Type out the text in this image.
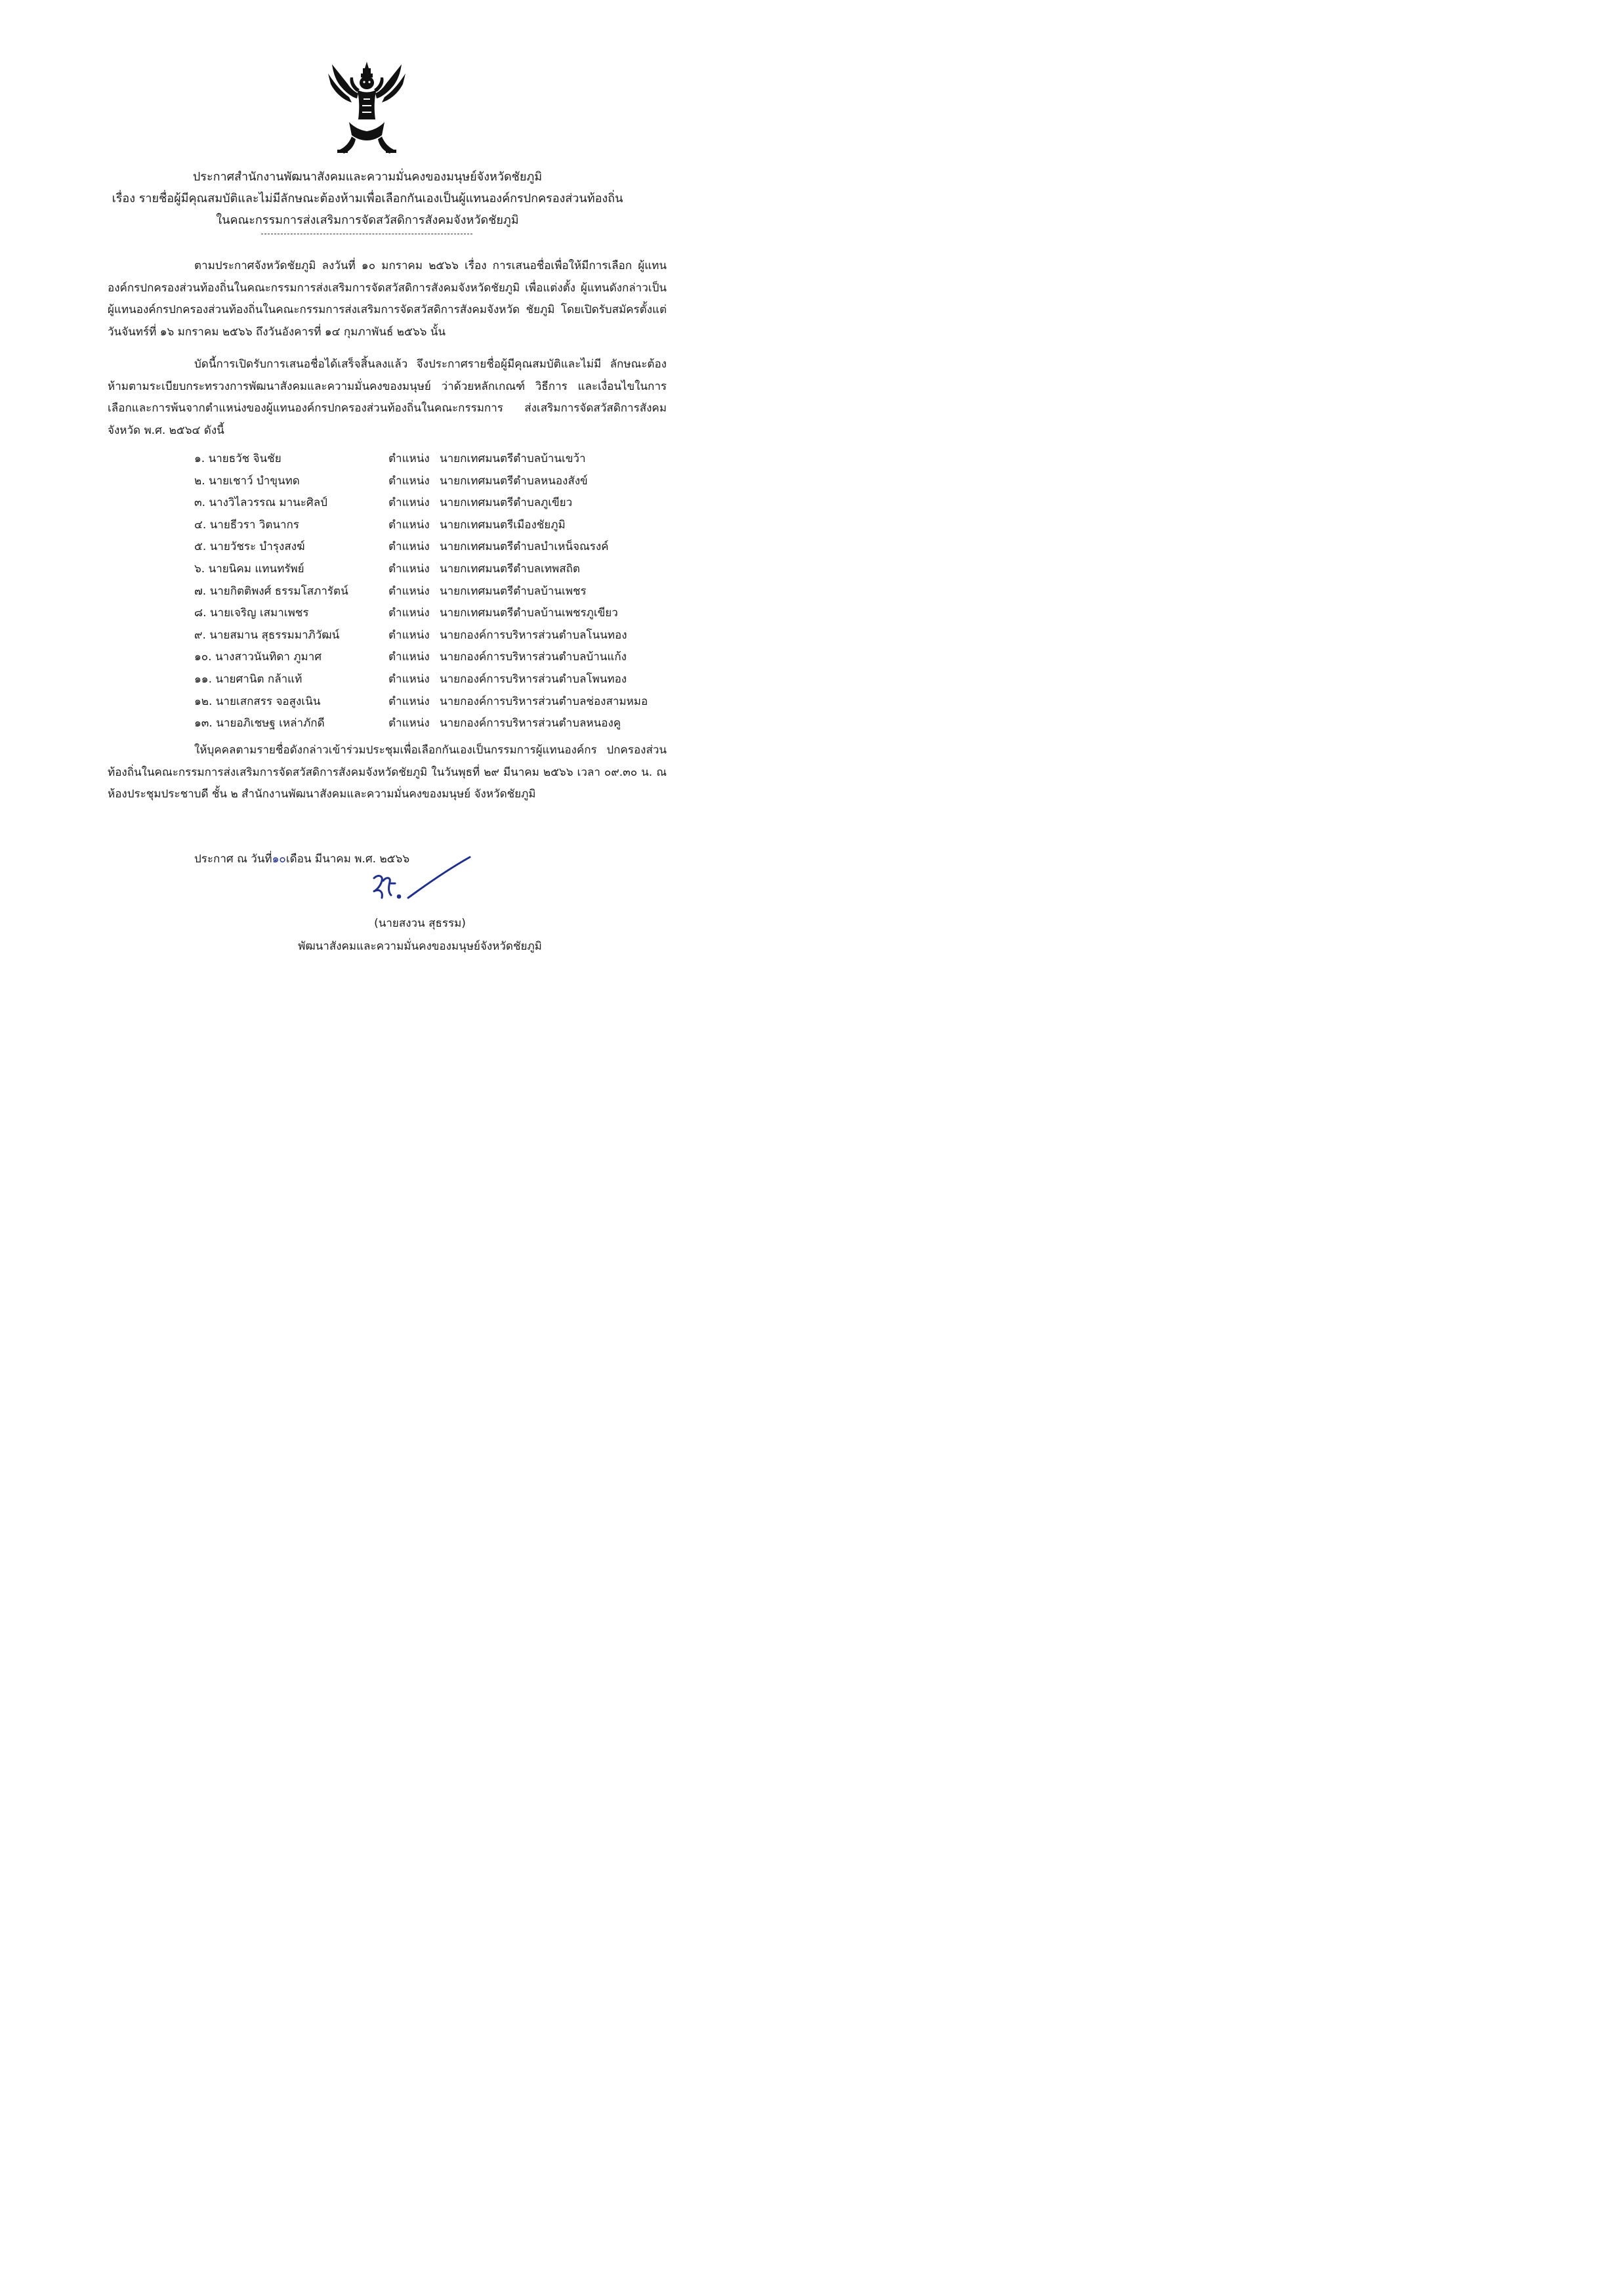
ประกาศสำนักงานพัฒนาสังคมและความมั่นคงของมนุษย์จังหวัดชัยภูมิ
เรื่อง รายชื่อผู้มีคุณสมบัติและไม่มีลักษณะต้องห้ามเพื่อเลือกกันเองเป็นผู้แทนองค์กรปกครองส่วนท้องถิ่น
ในคณะกรรมการส่งเสริมการจัดสวัสดิการสังคมจังหวัดชัยภูมิ

ตามประกาศจังหวัดชัยภูมิ ลงวันที่ ๑๐ มกราคม ๒๕๖๖ เรื่อง การเสนอชื่อเพื่อให้มีการเลือก ผู้แทนองค์กรปกครองส่วนท้องถิ่นในคณะกรรมการส่งเสริมการจัดสวัสดิการสังคมจังหวัดชัยภูมิ เพื่อแต่งตั้ง ผู้แทนดังกล่าวเป็นผู้แทนองค์กรปกครองส่วนท้องถิ่นในคณะกรรมการส่งเสริมการจัดสวัสดิการสังคมจังหวัด ชัยภูมิ โดยเปิดรับสมัครตั้งแต่ วันจันทร์ที่ ๑๖ มกราคม ๒๕๖๖ ถึงวันอังคารที่ ๑๔ กุมภาพันธ์ ๒๕๖๖ นั้น

บัดนี้การเปิดรับการเสนอชื่อได้เสร็จสิ้นลงแล้ว จึงประกาศรายชื่อผู้มีคุณสมบัติและไม่มี ลักษณะต้องห้ามตามระเบียบกระทรวงการพัฒนาสังคมและความมั่นคงของมนุษย์ ว่าด้วยหลักเกณฑ์ วิธีการ และเงื่อนไขในการเลือกและการพ้นจากตำแหน่งของผู้แทนองค์กรปกครองส่วนท้องถิ่นในคณะกรรมการ ส่งเสริมการจัดสวัสดิการสังคมจังหวัด พ.ศ. ๒๕๖๔ ดังนี้

๑. นายธวัช จินชัย	ตำแหน่ง นายกเทศมนตรีตำบลบ้านเขว้า
๒. นายเชาว์ บำขุนทด	ตำแหน่ง นายกเทศมนตรีตำบลหนองสังข์
๓. นางวิไลวรรณ มานะศิลป์	ตำแหน่ง นายกเทศมนตรีตำบลภูเขียว
๔. นายธีวรา วิตนากร	ตำแหน่ง นายกเทศมนตรีเมืองชัยภูมิ
๕. นายวัชระ บำรุงสงฆ์	ตำแหน่ง นายกเทศมนตรีตำบลบำเหน็จณรงค์
๖. นายนิคม แทนทรัพย์	ตำแหน่ง นายกเทศมนตรีตำบลเทพสถิต
๗. นายกิตติพงศ์ ธรรมโสภารัตน์	ตำแหน่ง นายกเทศมนตรีตำบลบ้านเพชร
๘. นายเจริญ เสมาเพชร	ตำแหน่ง นายกเทศมนตรีตำบลบ้านเพชรภูเขียว
๙. นายสมาน สุธรรมมาภิวัฒน์	ตำแหน่ง นายกองค์การบริหารส่วนตำบลโนนทอง
๑๐. นางสาวนันทิดา ภูมาศ	ตำแหน่ง นายกองค์การบริหารส่วนตำบลบ้านแก้ง
๑๑. นายศานิต กล้าแท้	ตำแหน่ง นายกองค์การบริหารส่วนตำบลโพนทอง
๑๒. นายเสกสรร จอสูงเนิน	ตำแหน่ง นายกองค์การบริหารส่วนตำบลช่องสามหมอ
๑๓. นายอภิเชษฐ เหล่าภักดี	ตำแหน่ง นายกองค์การบริหารส่วนตำบลหนองคู

ให้บุคคลตามรายชื่อดังกล่าวเข้าร่วมประชุมเพื่อเลือกกันเองเป็นกรรมการผู้แทนองค์กร ปกครองส่วนท้องถิ่นในคณะกรรมการส่งเสริมการจัดสวัสดิการสังคมจังหวัดชัยภูมิ ในวันพุธที่ ๒๙ มีนาคม ๒๕๖๖ เวลา ๐๙.๓๐ น. ณ ห้องประชุมประชาบดี ชั้น ๒ สำนักงานพัฒนาสังคมและความมั่นคงของมนุษย์ จังหวัดชัยภูมิ

ประกาศ ณ วันที่๑๐เดือน มีนาคม พ.ศ. ๒๕๖๖
(นายสงวน สุธรรม)
พัฒนาสังคมและความมั่นคงของมนุษย์จังหวัดชัยภูมิ
